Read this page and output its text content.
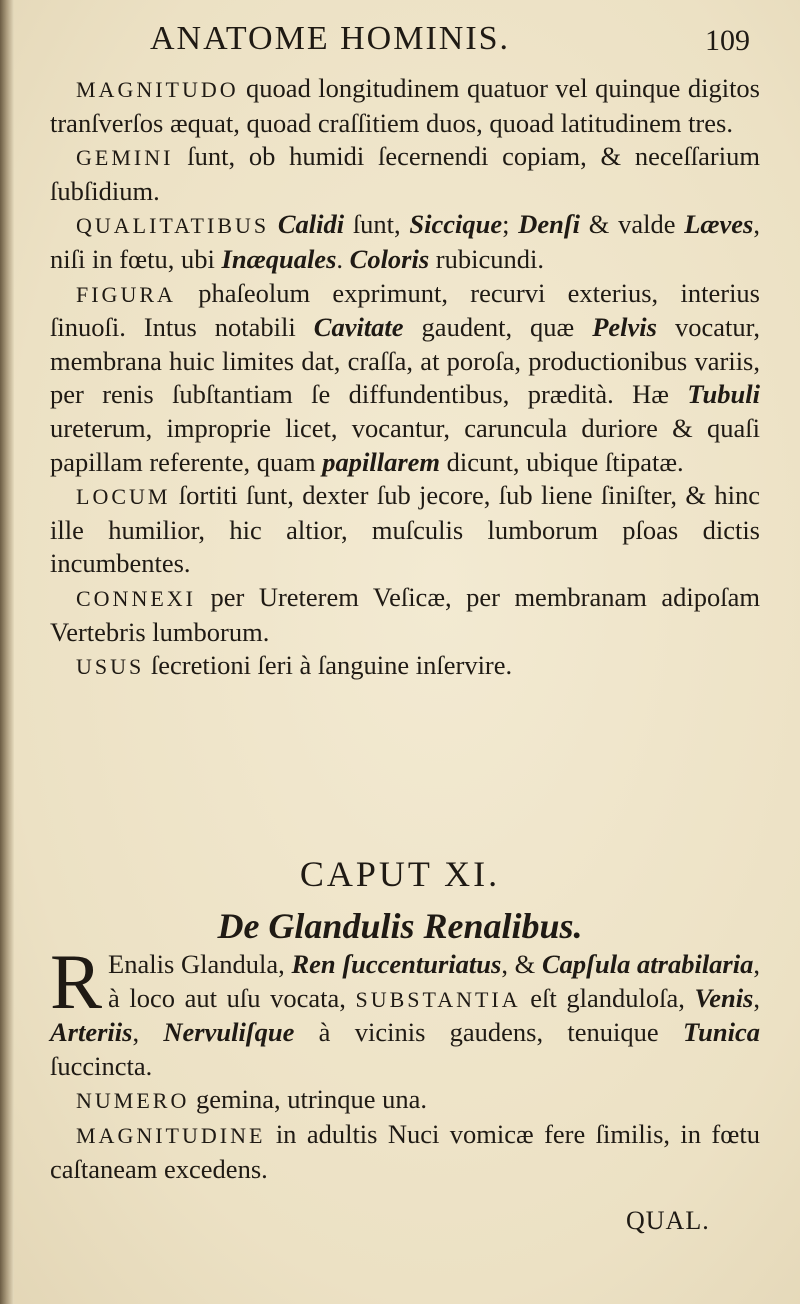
ANATOME HOMINIS.	109

MAGNITUDO quoad longitudinem quatuor vel quinque digitos tranſverſos æquat, quoad craſſitiem duos, quoad latitudinem tres.

GEMINI ſunt, ob humidi ſecernendi copiam, & neceſſarium ſubſidium.

QUALITATIBUS Calidi ſunt, Siccique; Denſi & valde Læves, niſi in fœtu, ubi Inæquales. Coloris rubicundi.

FIGURA phaſeolum exprimunt, recurvi exterius, interius ſinuoſi. Intus notabili Cavitate gaudent, quæ Pelvis vocatur, membrana huic limites dat, craſſa, at poroſa, productionibus variis, per renis ſubſtantiam ſe diffundentibus, prædità. Hæ Tubuli ureterum, improprie licet, vocantur, caruncula duriore & quaſi papillam referente, quam papillarem dicunt, ubique ſtipatæ.

LOCUM ſortiti ſunt, dexter ſub jecore, ſub liene ſiniſter, & hinc ille humilior, hic altior, muſculis lumborum pſoas dictis incumbentes.

CONNEXI per Ureterem Veſicæ, per membranam adipoſam Vertebris lumborum.

USUS ſecretioni ſeri à ſanguine inſervire.

CAPUT XI.
De Glandulis Renalibus.

R Enalis Glandula, Ren ſuccenturiatus, & Capſula atrabilaria, à loco aut uſu vocata, SUBSTANTIA eſt glanduloſa, Venis, Arteriis, Nervuliſque à vicinis gaudens, tenuique Tunica ſuccincta.

NUMERO gemina, utrinque una.

MAGNITUDINE in adultis Nuci vomicæ fere ſimilis, in fœtu caſtaneam excedens.

QUAL.
